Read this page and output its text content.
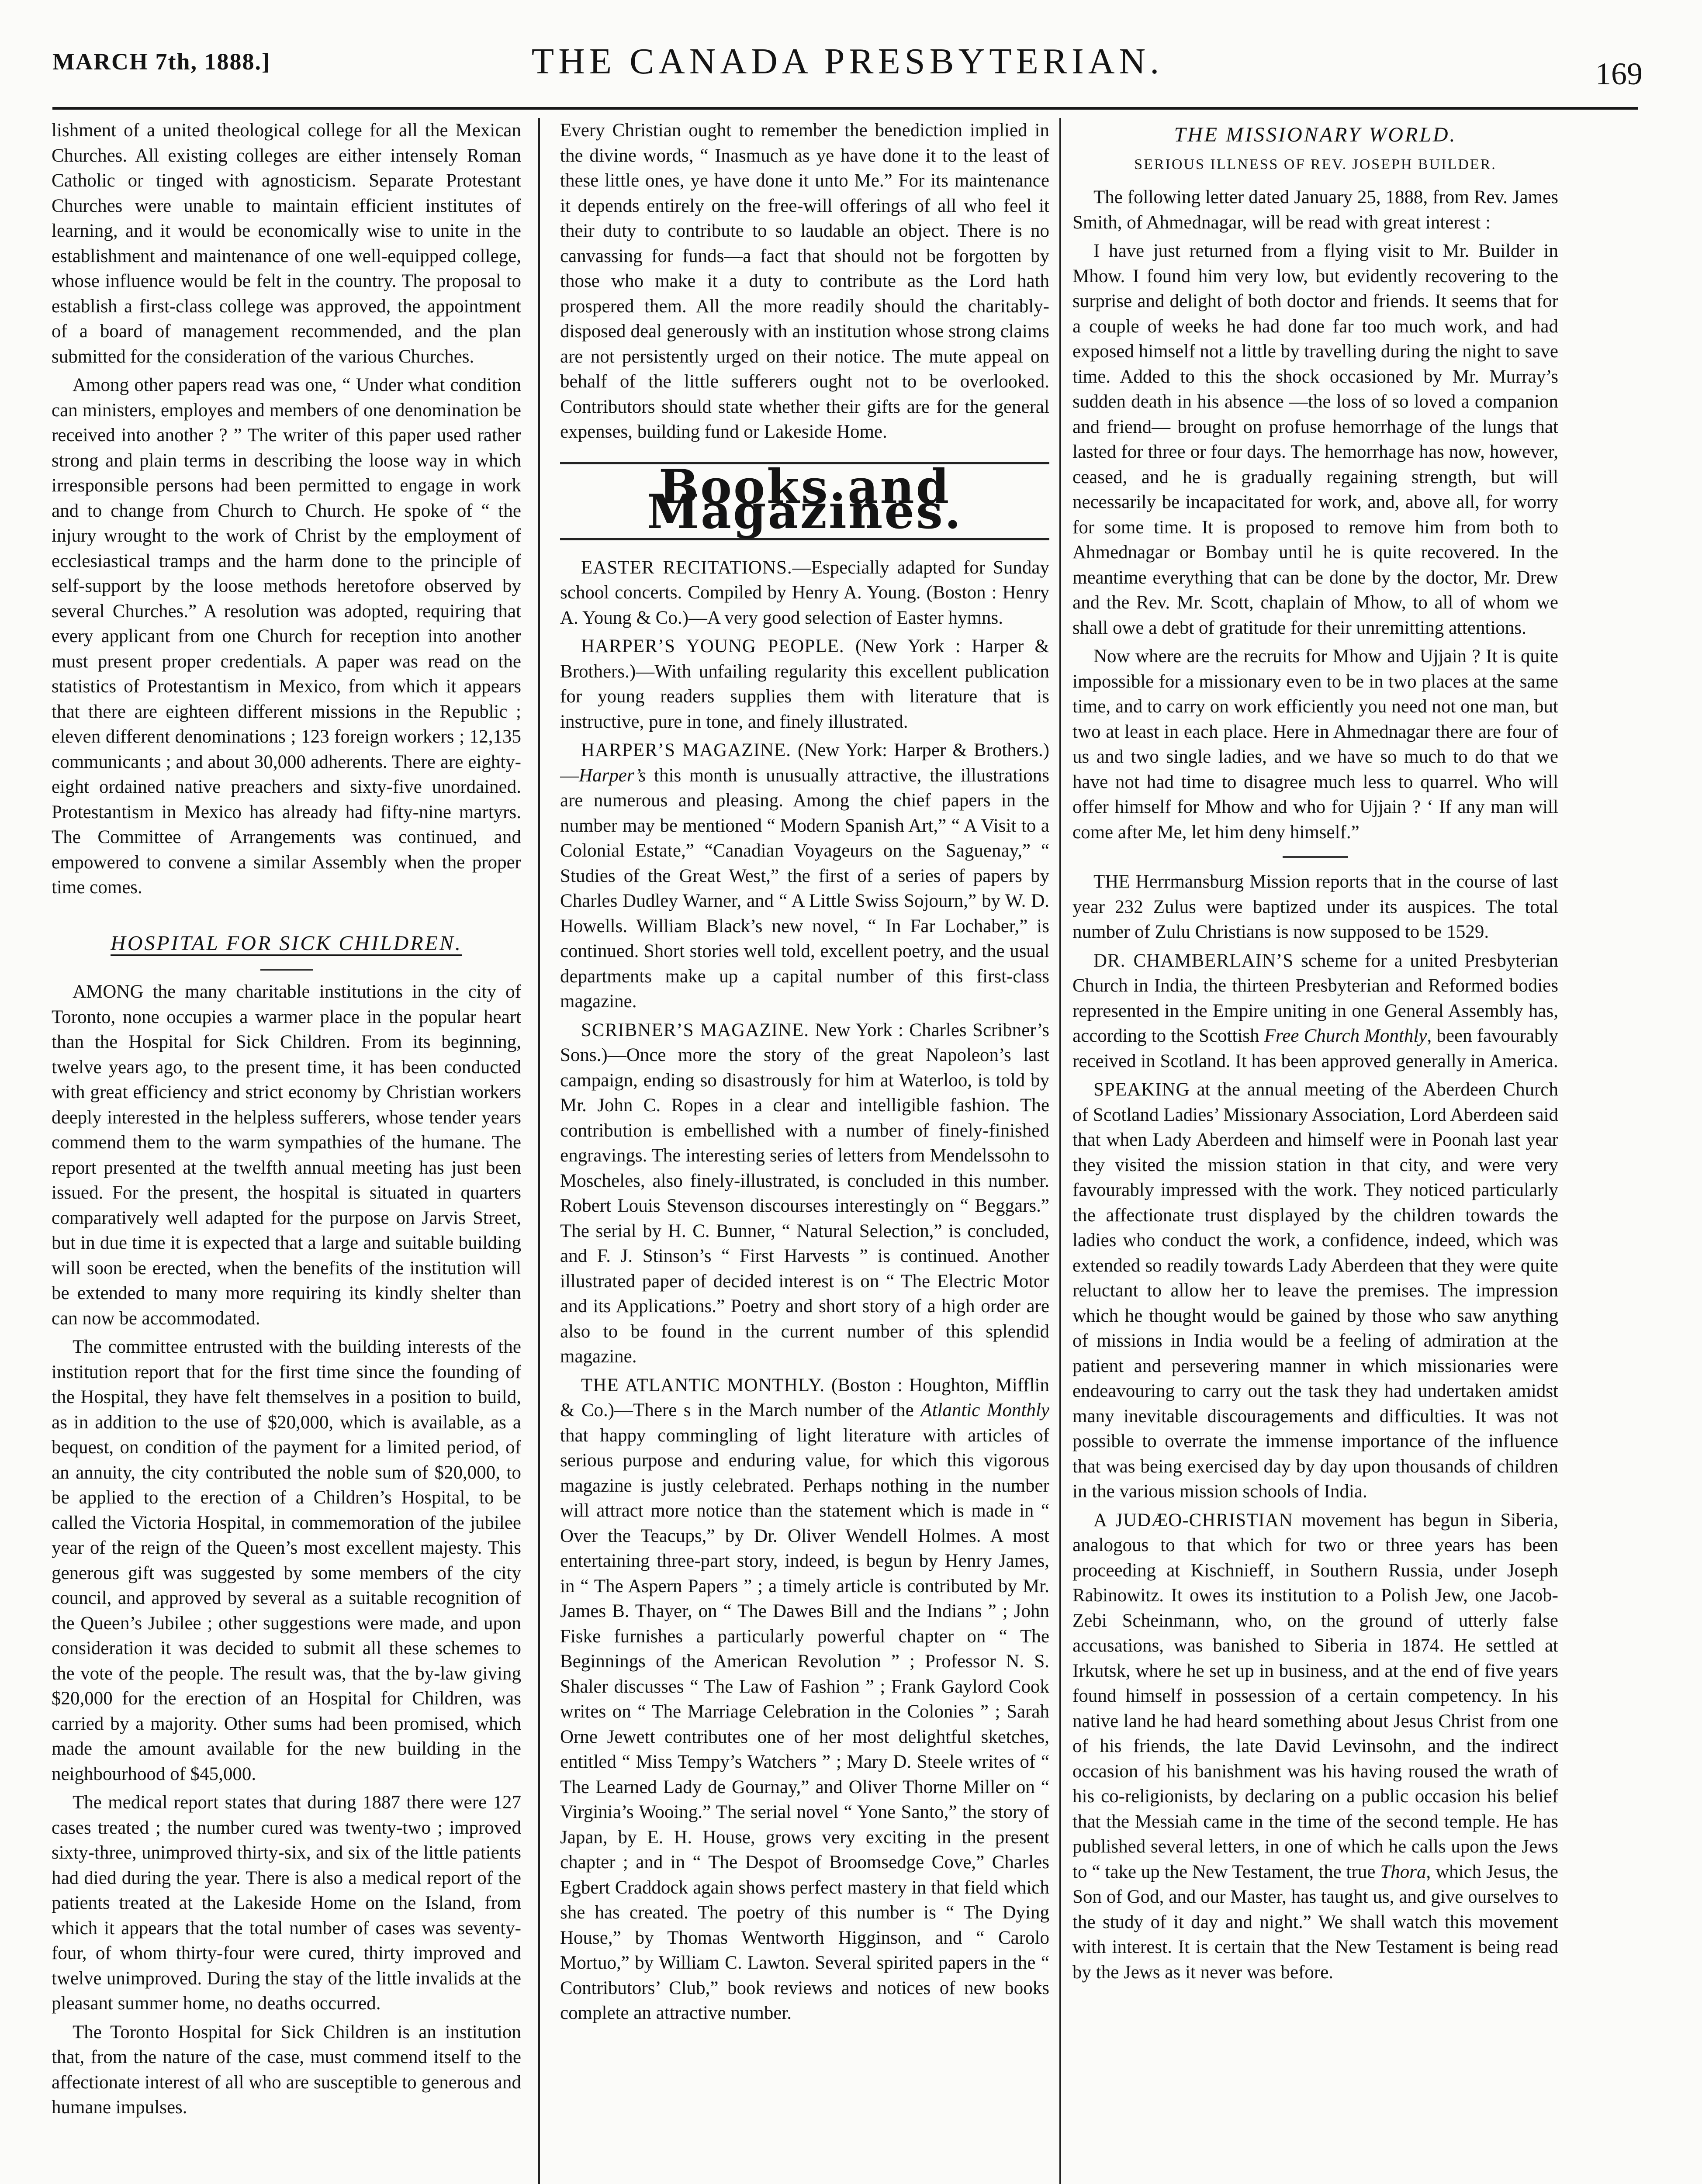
MARCH 7th, 1888.]	THE CANADA PRESBYTERIAN.	169

lishment of a united theological college for all the Mexican Churches. All existing colleges are either intensely Roman Catholic or tinged with agnosticism. Separate Protestant Churches were unable to maintain efficient institutes of learning, and it would be economically wise to unite in the establishment and maintenance of one well-equipped college, whose influence would be felt in the country. The proposal to establish a first-class college was approved, the appointment of a board of management recommended, and the plan submitted for the consideration of the various Churches.

Among other papers read was one, “ Under what condition can ministers, employes and members of one denomination be received into another ? ” The writer of this paper used rather strong and plain terms in describing the loose way in which irresponsible persons had been permitted to engage in work and to change from Church to Church. He spoke of “ the injury wrought to the work of Christ by the employment of ecclesiastical tramps and the harm done to the principle of self-support by the loose methods heretofore observed by several Churches.” A resolution was adopted, requiring that every applicant from one Church for reception into another must present proper credentials. A paper was read on the statistics of Protestantism in Mexico, from which it appears that there are eighteen different missions in the Republic ; eleven different denominations ; 123 foreign workers ; 12,135 communicants ; and about 30,000 adherents. There are eighty-eight ordained native preachers and sixty-five unordained. Protestantism in Mexico has already had fifty-nine martyrs. The Committee of Arrangements was continued, and empowered to convene a similar Assembly when the proper time comes.

HOSPITAL FOR SICK CHILDREN.

AMONG the many charitable institutions in the city of Toronto, none occupies a warmer place in the popular heart than the Hospital for Sick Children. From its beginning, twelve years ago, to the present time, it has been conducted with great efficiency and strict economy by Christian workers deeply interested in the helpless sufferers, whose tender years commend them to the warm sympathies of the humane. The report presented at the twelfth annual meeting has just been issued. For the present, the hospital is situated in quarters comparatively well adapted for the purpose on Jarvis Street, but in due time it is expected that a large and suitable building will soon be erected, when the benefits of the institution will be extended to many more requiring its kindly shelter than can now be accommodated.

The committee entrusted with the building interests of the institution report that for the first time since the founding of the Hospital, they have felt themselves in a position to build, as in addition to the use of $20,000, which is available, as a bequest, on condition of the payment for a limited period, of an annuity, the city contributed the noble sum of $20,000, to be applied to the erection of a Children’s Hospital, to be called the Victoria Hospital, in commemoration of the jubilee year of the reign of the Queen’s most excellent majesty. This generous gift was suggested by some members of the city council, and approved by several as a suitable recognition of the Queen’s Jubilee ; other suggestions were made, and upon consideration it was decided to submit all these schemes to the vote of the people. The result was, that the by-law giving $20,000 for the erection of an Hospital for Children, was carried by a majority. Other sums had been promised, which made the amount available for the new building in the neighbourhood of $45,000.

The medical report states that during 1887 there were 127 cases treated ; the number cured was twenty-two ; improved sixty-three, unimproved thirty-six, and six of the little patients had died during the year. There is also a medical report of the patients treated at the Lakeside Home on the Island, from which it appears that the total number of cases was seventy-four, of whom thirty-four were cured, thirty improved and twelve unimproved. During the stay of the little invalids at the pleasant summer home, no deaths occurred.

The Toronto Hospital for Sick Children is an institution that, from the nature of the case, must commend itself to the affectionate interest of all who are susceptible to generous and humane impulses.

Every Christian ought to remember the benediction implied in the divine words, “ Inasmuch as ye have done it to the least of these little ones, ye have done it unto Me.” For its maintenance it depends entirely on the free-will offerings of all who feel it their duty to contribute to so laudable an object. There is no canvassing for funds—a fact that should not be forgotten by those who make it a duty to contribute as the Lord hath prospered them. All the more readily should the charitably-disposed deal generously with an institution whose strong claims are not persistently urged on their notice. The mute appeal on behalf of the little sufferers ought not to be overlooked. Contributors should state whether their gifts are for the general expenses, building fund or Lakeside Home.

Books and Magazines.

EASTER RECITATIONS.—Especially adapted for Sunday school concerts. Compiled by Henry A. Young. (Boston : Henry A. Young & Co.)—A very good selection of Easter hymns.

HARPER’S YOUNG PEOPLE. (New York : Harper & Brothers.)—With unfailing regularity this excellent publication for young readers supplies them with literature that is instructive, pure in tone, and finely illustrated.

HARPER’S MAGAZINE. (New York: Harper & Brothers.)—Harper’s this month is unusually attractive, the illustrations are numerous and pleasing. Among the chief papers in the number may be mentioned “ Modern Spanish Art,” “ A Visit to a Colonial Estate,” “Canadian Voyageurs on the Saguenay,” “ Studies of the Great West,” the first of a series of papers by Charles Dudley Warner, and “ A Little Swiss Sojourn,” by W. D. Howells. William Black’s new novel, “ In Far Lochaber,” is continued. Short stories well told, excellent poetry, and the usual departments make up a capital number of this first-class magazine.

SCRIBNER’S MAGAZINE. New York : Charles Scribner’s Sons.)—Once more the story of the great Napoleon’s last campaign, ending so disastrously for him at Waterloo, is told by Mr. John C. Ropes in a clear and intelligible fashion. The contribution is embellished with a number of finely-finished engravings. The interesting series of letters from Mendelssohn to Moscheles, also finely-illustrated, is concluded in this number. Robert Louis Stevenson discourses interestingly on “ Beggars.” The serial by H. C. Bunner, “ Natural Selection,” is concluded, and F. J. Stinson’s “ First Harvests ” is continued. Another illustrated paper of decided interest is on “ The Electric Motor and its Applications.” Poetry and short story of a high order are also to be found in the current number of this splendid magazine.

THE ATLANTIC MONTHLY. (Boston : Houghton, Mifflin & Co.)—There s in the March number of the Atlantic Monthly that happy commingling of light literature with articles of serious purpose and enduring value, for which this vigorous magazine is justly celebrated. Perhaps nothing in the number will attract more notice than the statement which is made in “ Over the Teacups,” by Dr. Oliver Wendell Holmes. A most entertaining three-part story, indeed, is begun by Henry James, in “ The Aspern Papers ” ; a timely article is contributed by Mr. James B. Thayer, on “ The Dawes Bill and the Indians ” ; John Fiske furnishes a particularly powerful chapter on “ The Beginnings of the American Revolution ” ; Professor N. S. Shaler discusses “ The Law of Fashion ” ; Frank Gaylord Cook writes on “ The Marriage Celebration in the Colonies ” ; Sarah Orne Jewett contributes one of her most delightful sketches, entitled “ Miss Tempy’s Watchers ” ; Mary D. Steele writes of “ The Learned Lady de Gournay,” and Oliver Thorne Miller on “ Virginia’s Wooing.” The serial novel “ Yone Santo,” the story of Japan, by E. H. House, grows very exciting in the present chapter ; and in “ The Despot of Broomsedge Cove,” Charles Egbert Craddock again shows perfect mastery in that field which she has created. The poetry of this number is “ The Dying House,” by Thomas Wentworth Higginson, and “ Carolo Mortuo,” by William C. Lawton. Several spirited papers in the “ Contributors’ Club,” book reviews and notices of new books complete an attractive number.

THE MISSIONARY WORLD.
SERIOUS ILLNESS OF REV. JOSEPH BUILDER.

The following letter dated January 25, 1888, from Rev. James Smith, of Ahmednagar, will be read with great interest :

I have just returned from a flying visit to Mr. Builder in Mhow. I found him very low, but evidently recovering to the surprise and delight of both doctor and friends. It seems that for a couple of weeks he had done far too much work, and had exposed himself not a little by travelling during the night to save time. Added to this the shock occasioned by Mr. Murray’s sudden death in his absence —the loss of so loved a companion and friend— brought on profuse hemorrhage of the lungs that lasted for three or four days. The hemorrhage has now, however, ceased, and he is gradually regaining strength, but will necessarily be incapacitated for work, and, above all, for worry for some time. It is proposed to remove him from both to Ahmednagar or Bombay until he is quite recovered. In the meantime everything that can be done by the doctor, Mr. Drew and the Rev. Mr. Scott, chaplain of Mhow, to all of whom we shall owe a debt of gratitude for their unremitting attentions.

Now where are the recruits for Mhow and Ujjain ? It is quite impossible for a missionary even to be in two places at the same time, and to carry on work efficiently you need not one man, but two at least in each place. Here in Ahmednagar there are four of us and two single ladies, and we have so much to do that we have not had time to disagree much less to quarrel. Who will offer himself for Mhow and who for Ujjain ? ‘ If any man will come after Me, let him deny himself.”

THE Herrmansburg Mission reports that in the course of last year 232 Zulus were baptized under its auspices. The total number of Zulu Christians is now supposed to be 1529.

DR. CHAMBERLAIN’S scheme for a united Presbyterian Church in India, the thirteen Presbyterian and Reformed bodies represented in the Empire uniting in one General Assembly has, according to the Scottish Free Church Monthly, been favourably received in Scotland. It has been approved generally in America.

SPEAKING at the annual meeting of the Aberdeen Church of Scotland Ladies’ Missionary Association, Lord Aberdeen said that when Lady Aberdeen and himself were in Poonah last year they visited the mission station in that city, and were very favourably impressed with the work. They noticed particularly the affectionate trust displayed by the children towards the ladies who conduct the work, a confidence, indeed, which was extended so readily towards Lady Aberdeen that they were quite reluctant to allow her to leave the premises. The impression which he thought would be gained by those who saw anything of missions in India would be a feeling of admiration at the patient and persevering manner in which missionaries were endeavouring to carry out the task they had undertaken amidst many inevitable discouragements and difficulties. It was not possible to overrate the immense importance of the influence that was being exercised day by day upon thousands of children in the various mission schools of India.

A JUDÆO-CHRISTIAN movement has begun in Siberia, analogous to that which for two or three years has been proceeding at Kischnieff, in Southern Russia, under Joseph Rabinowitz. It owes its institution to a Polish Jew, one Jacob-Zebi Scheinmann, who, on the ground of utterly false accusations, was banished to Siberia in 1874. He settled at Irkutsk, where he set up in business, and at the end of five years found himself in possession of a certain competency. In his native land he had heard something about Jesus Christ from one of his friends, the late David Levinsohn, and the indirect occasion of his banishment was his having roused the wrath of his co-religionists, by declaring on a public occasion his belief that the Messiah came in the time of the second temple. He has published several letters, in one of which he calls upon the Jews to “ take up the New Testament, the true Thora, which Jesus, the Son of God, and our Master, has taught us, and give ourselves to the study of it day and night.” We shall watch this movement with interest. It is certain that the New Testament is being read by the Jews as it never was before.
